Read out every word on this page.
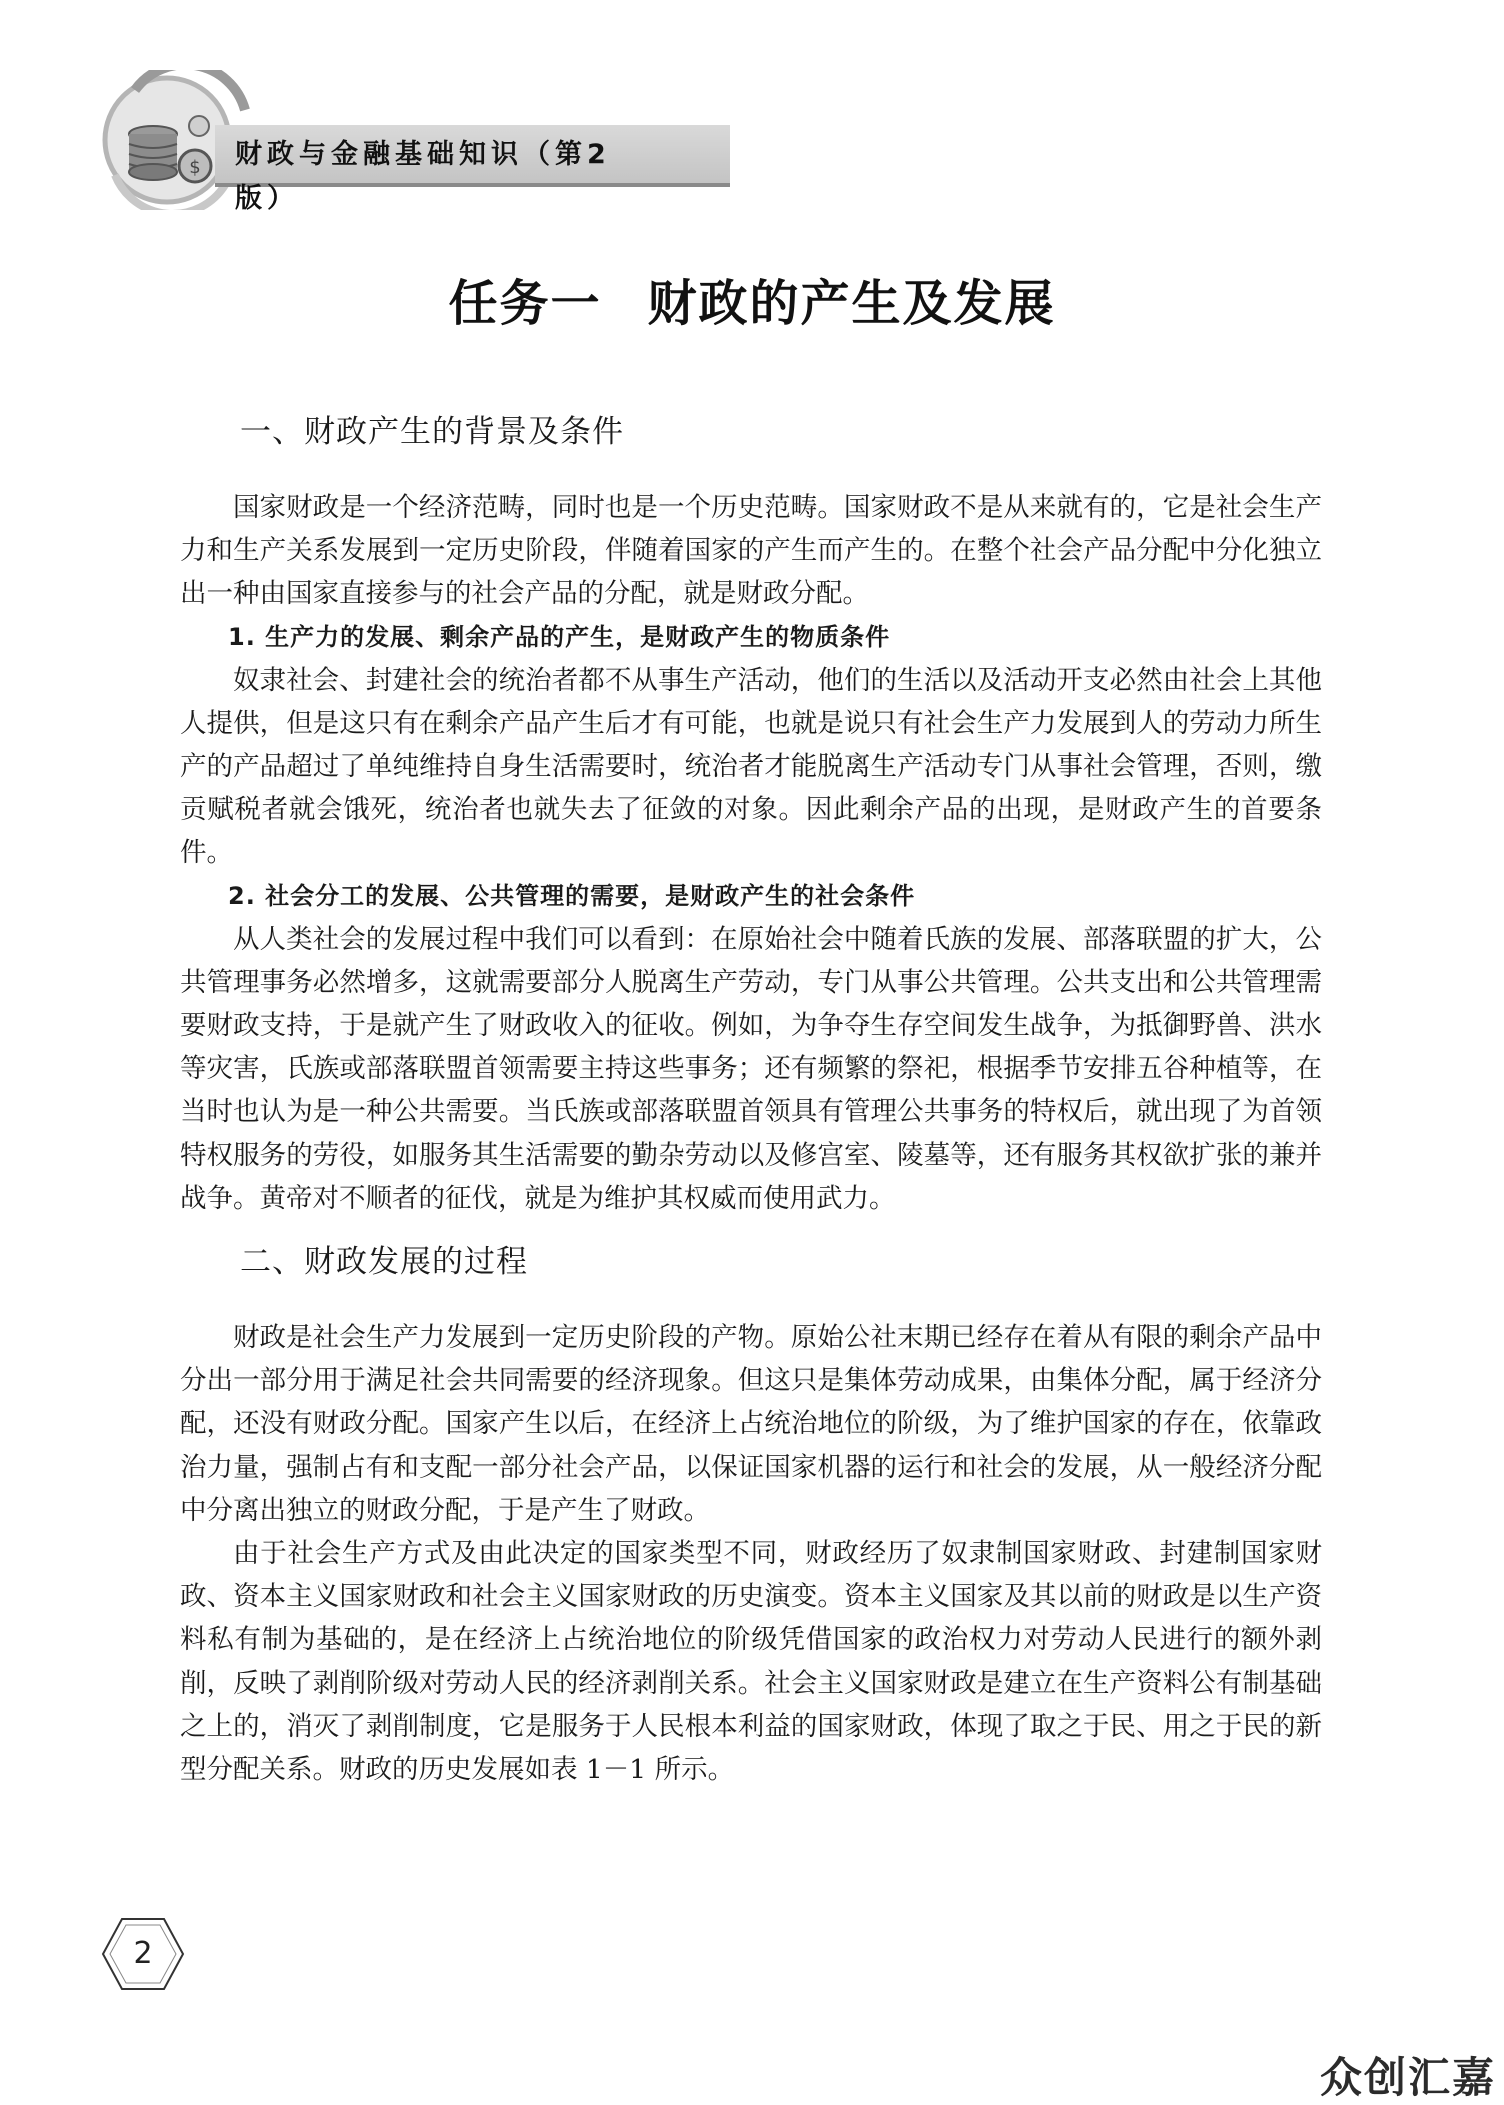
$ 财政与金融基础知识（第2版）
任务一 财政的产生及发展
一、财政产生的背景及条件

国家财政是一个经济范畴，同时也是一个历史范畴。国家财政不是从来就有的，它是社会生产力和生产关系发展到一定历史阶段，伴随着国家的产生而产生的。在整个社会产品分配中分化独立出一种由国家直接参与的社会产品的分配，就是财政分配。

1. 生产力的发展、剩余产品的产生，是财政产生的物质条件

奴隶社会、封建社会的统治者都不从事生产活动，他们的生活以及活动开支必然由社会上其他人提供，但是这只有在剩余产品产生后才有可能，也就是说只有社会生产力发展到人的劳动力所生产的产品超过了单纯维持自身生活需要时，统治者才能脱离生产活动专门从事社会管理，否则，缴贡赋税者就会饿死，统治者也就失去了征敛的对象。因此剩余产品的出现，是财政产生的首要条件。

2. 社会分工的发展、公共管理的需要，是财政产生的社会条件

从人类社会的发展过程中我们可以看到：在原始社会中随着氏族的发展、部落联盟的扩大，公共管理事务必然增多，这就需要部分人脱离生产劳动，专门从事公共管理。公共支出和公共管理需要财政支持，于是就产生了财政收入的征收。例如，为争夺生存空间发生战争，为抵御野兽、洪水等灾害，氏族或部落联盟首领需要主持这些事务；还有频繁的祭祀，根据季节安排五谷种植等，在当时也认为是一种公共需要。当氏族或部落联盟首领具有管理公共事务的特权后，就出现了为首领特权服务的劳役，如服务其生活需要的勤杂劳动以及修宫室、陵墓等，还有服务其权欲扩张的兼并战争。黄帝对不顺者的征伐，就是为维护其权威而使用武力。

二、财政发展的过程

财政是社会生产力发展到一定历史阶段的产物。原始公社末期已经存在着从有限的剩余产品中分出一部分用于满足社会共同需要的经济现象。但这只是集体劳动成果，由集体分配，属于经济分配，还没有财政分配。国家产生以后，在经济上占统治地位的阶级，为了维护国家的存在，依靠政治力量，强制占有和支配一部分社会产品，以保证国家机器的运行和社会的发展，从一般经济分配中分离出独立的财政分配，于是产生了财政。

由于社会生产方式及由此决定的国家类型不同，财政经历了奴隶制国家财政、封建制国家财政、资本主义国家财政和社会主义国家财政的历史演变。资本主义国家及其以前的财政是以生产资料私有制为基础的，是在经济上占统治地位的阶级凭借国家的政治权力对劳动人民进行的额外剥削，反映了剥削阶级对劳动人民的经济剥削关系。社会主义国家财政是建立在生产资料公有制基础之上的，消灭了剥削制度，它是服务于人民根本利益的国家财政，体现了取之于民、用之于民的新型分配关系。财政的历史发展如表 1－1 所示。

2
众创汇嘉
